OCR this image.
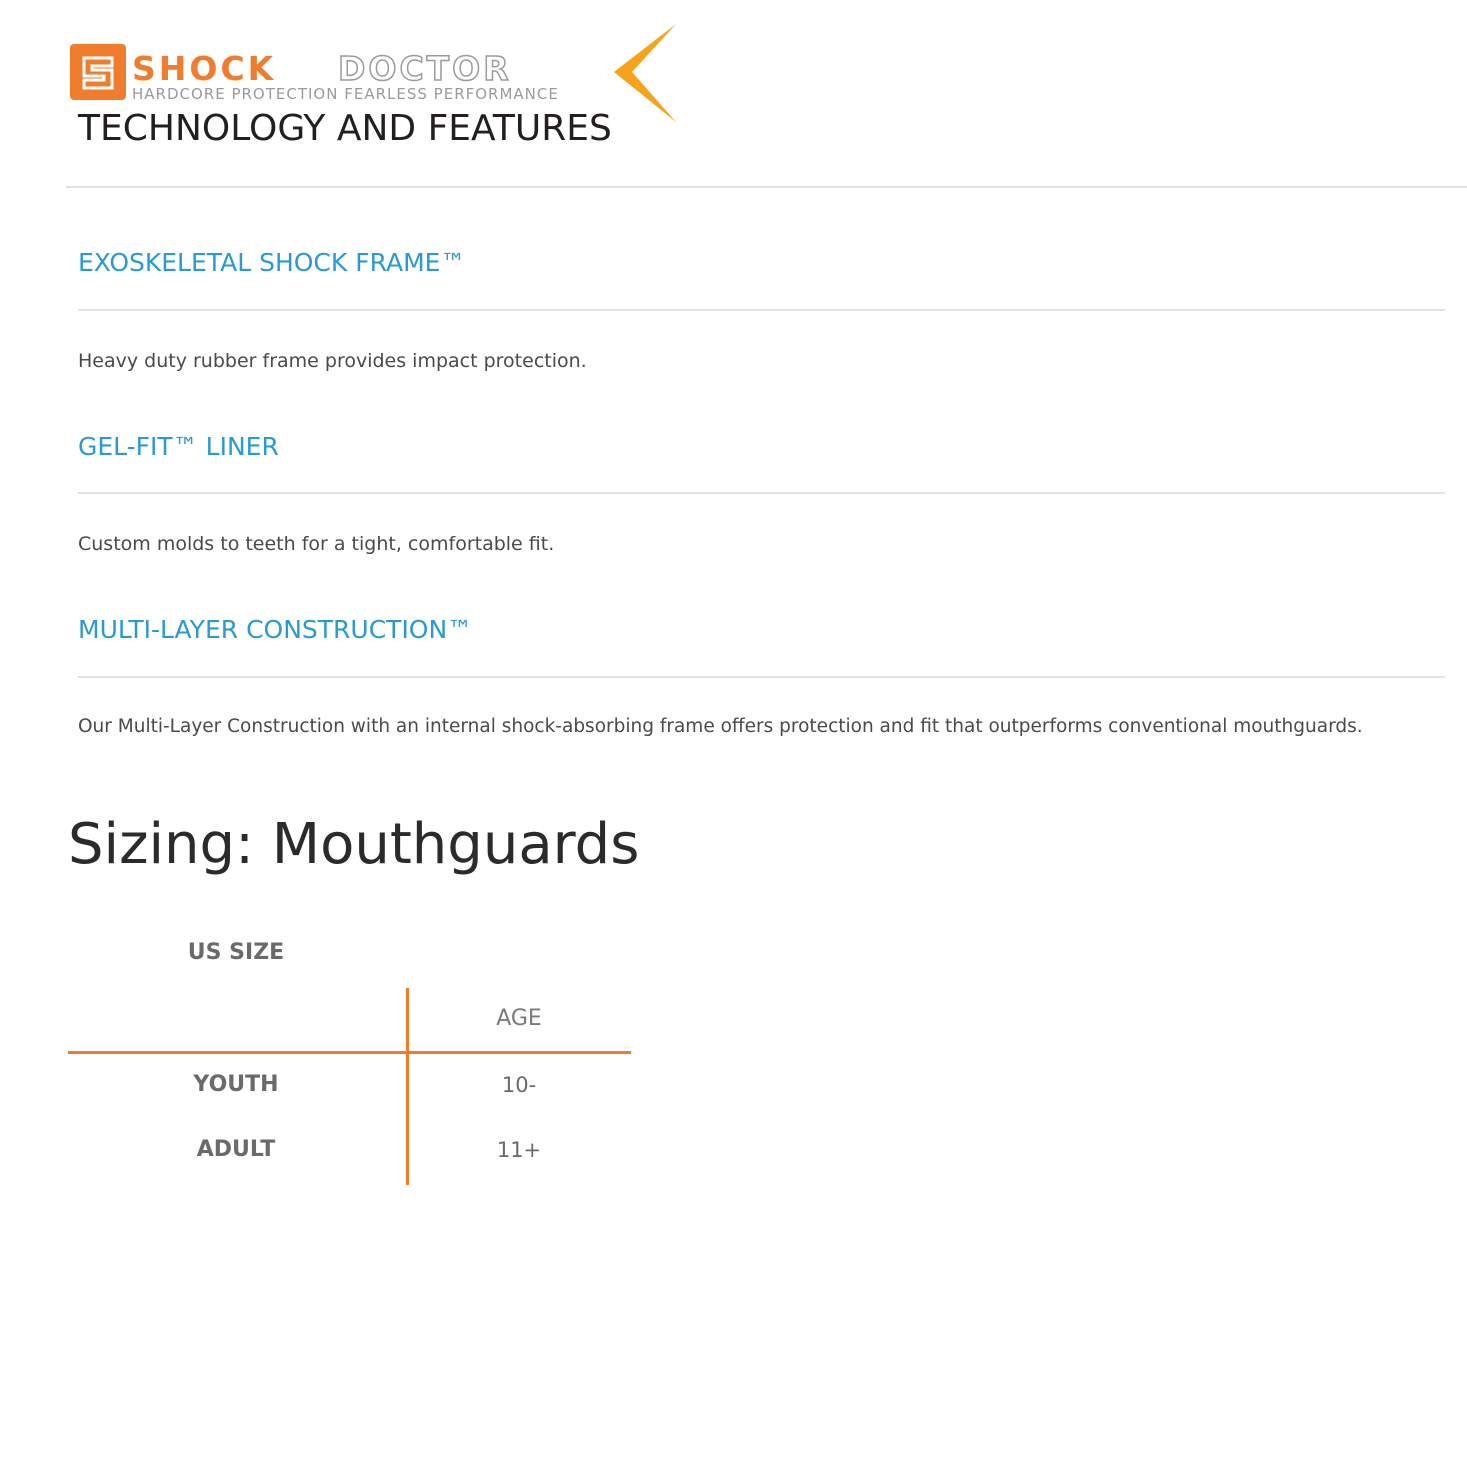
SHOCK DOCTOR
HARDCORE PROTECTION FEARLESS PERFORMANCE
TECHNOLOGY AND FEATURES
EXOSKELETAL SHOCK FRAME™

Heavy duty rubber frame provides impact protection.

GEL-FIT™ LINER

Custom molds to teeth for a tight, comfortable fit.

MULTI-LAYER CONSTRUCTION™

Our Multi-Layer Construction with an internal shock-absorbing frame offers protection and fit that outperforms conventional mouthguards.

Sizing: Mouthguards
US SIZE
AGE
YOUTH	10-
ADULT	11+
